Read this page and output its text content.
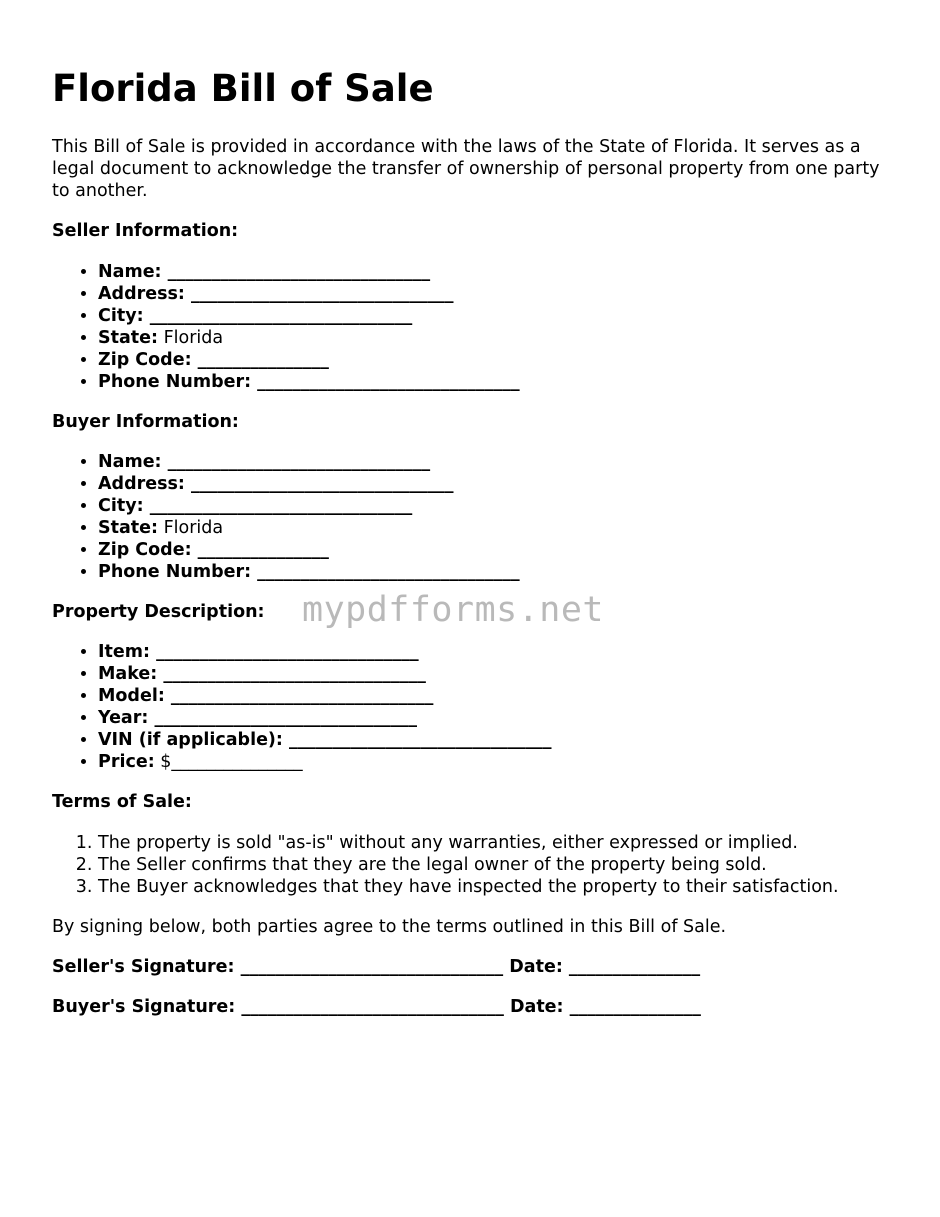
Florida Bill of Sale

This Bill of Sale is provided in accordance with the laws of the State of Florida. It serves as a legal document to acknowledge the transfer of ownership of personal property from one party to another.

Seller Information:

• Name: ______________________________
• Address: ______________________________
• City: ______________________________
• State: Florida
• Zip Code: _______________
• Phone Number: ______________________________

Buyer Information:

• Name: ______________________________
• Address: ______________________________
• City: ______________________________
• State: Florida
• Zip Code: _______________
• Phone Number: ______________________________

Property Description:

• Item: ______________________________
• Make: ______________________________
• Model: ______________________________
• Year: ______________________________
• VIN (if applicable): ______________________________
• Price: $_______________

Terms of Sale:

1. The property is sold "as-is" without any warranties, either expressed or implied.
2. The Seller confirms that they are the legal owner of the property being sold.
3. The Buyer acknowledges that they have inspected the property to their satisfaction.

By signing below, both parties agree to the terms outlined in this Bill of Sale.

Seller's Signature: ______________________________ Date: _______________

Buyer's Signature: ______________________________ Date: _______________

mypdfforms.net
